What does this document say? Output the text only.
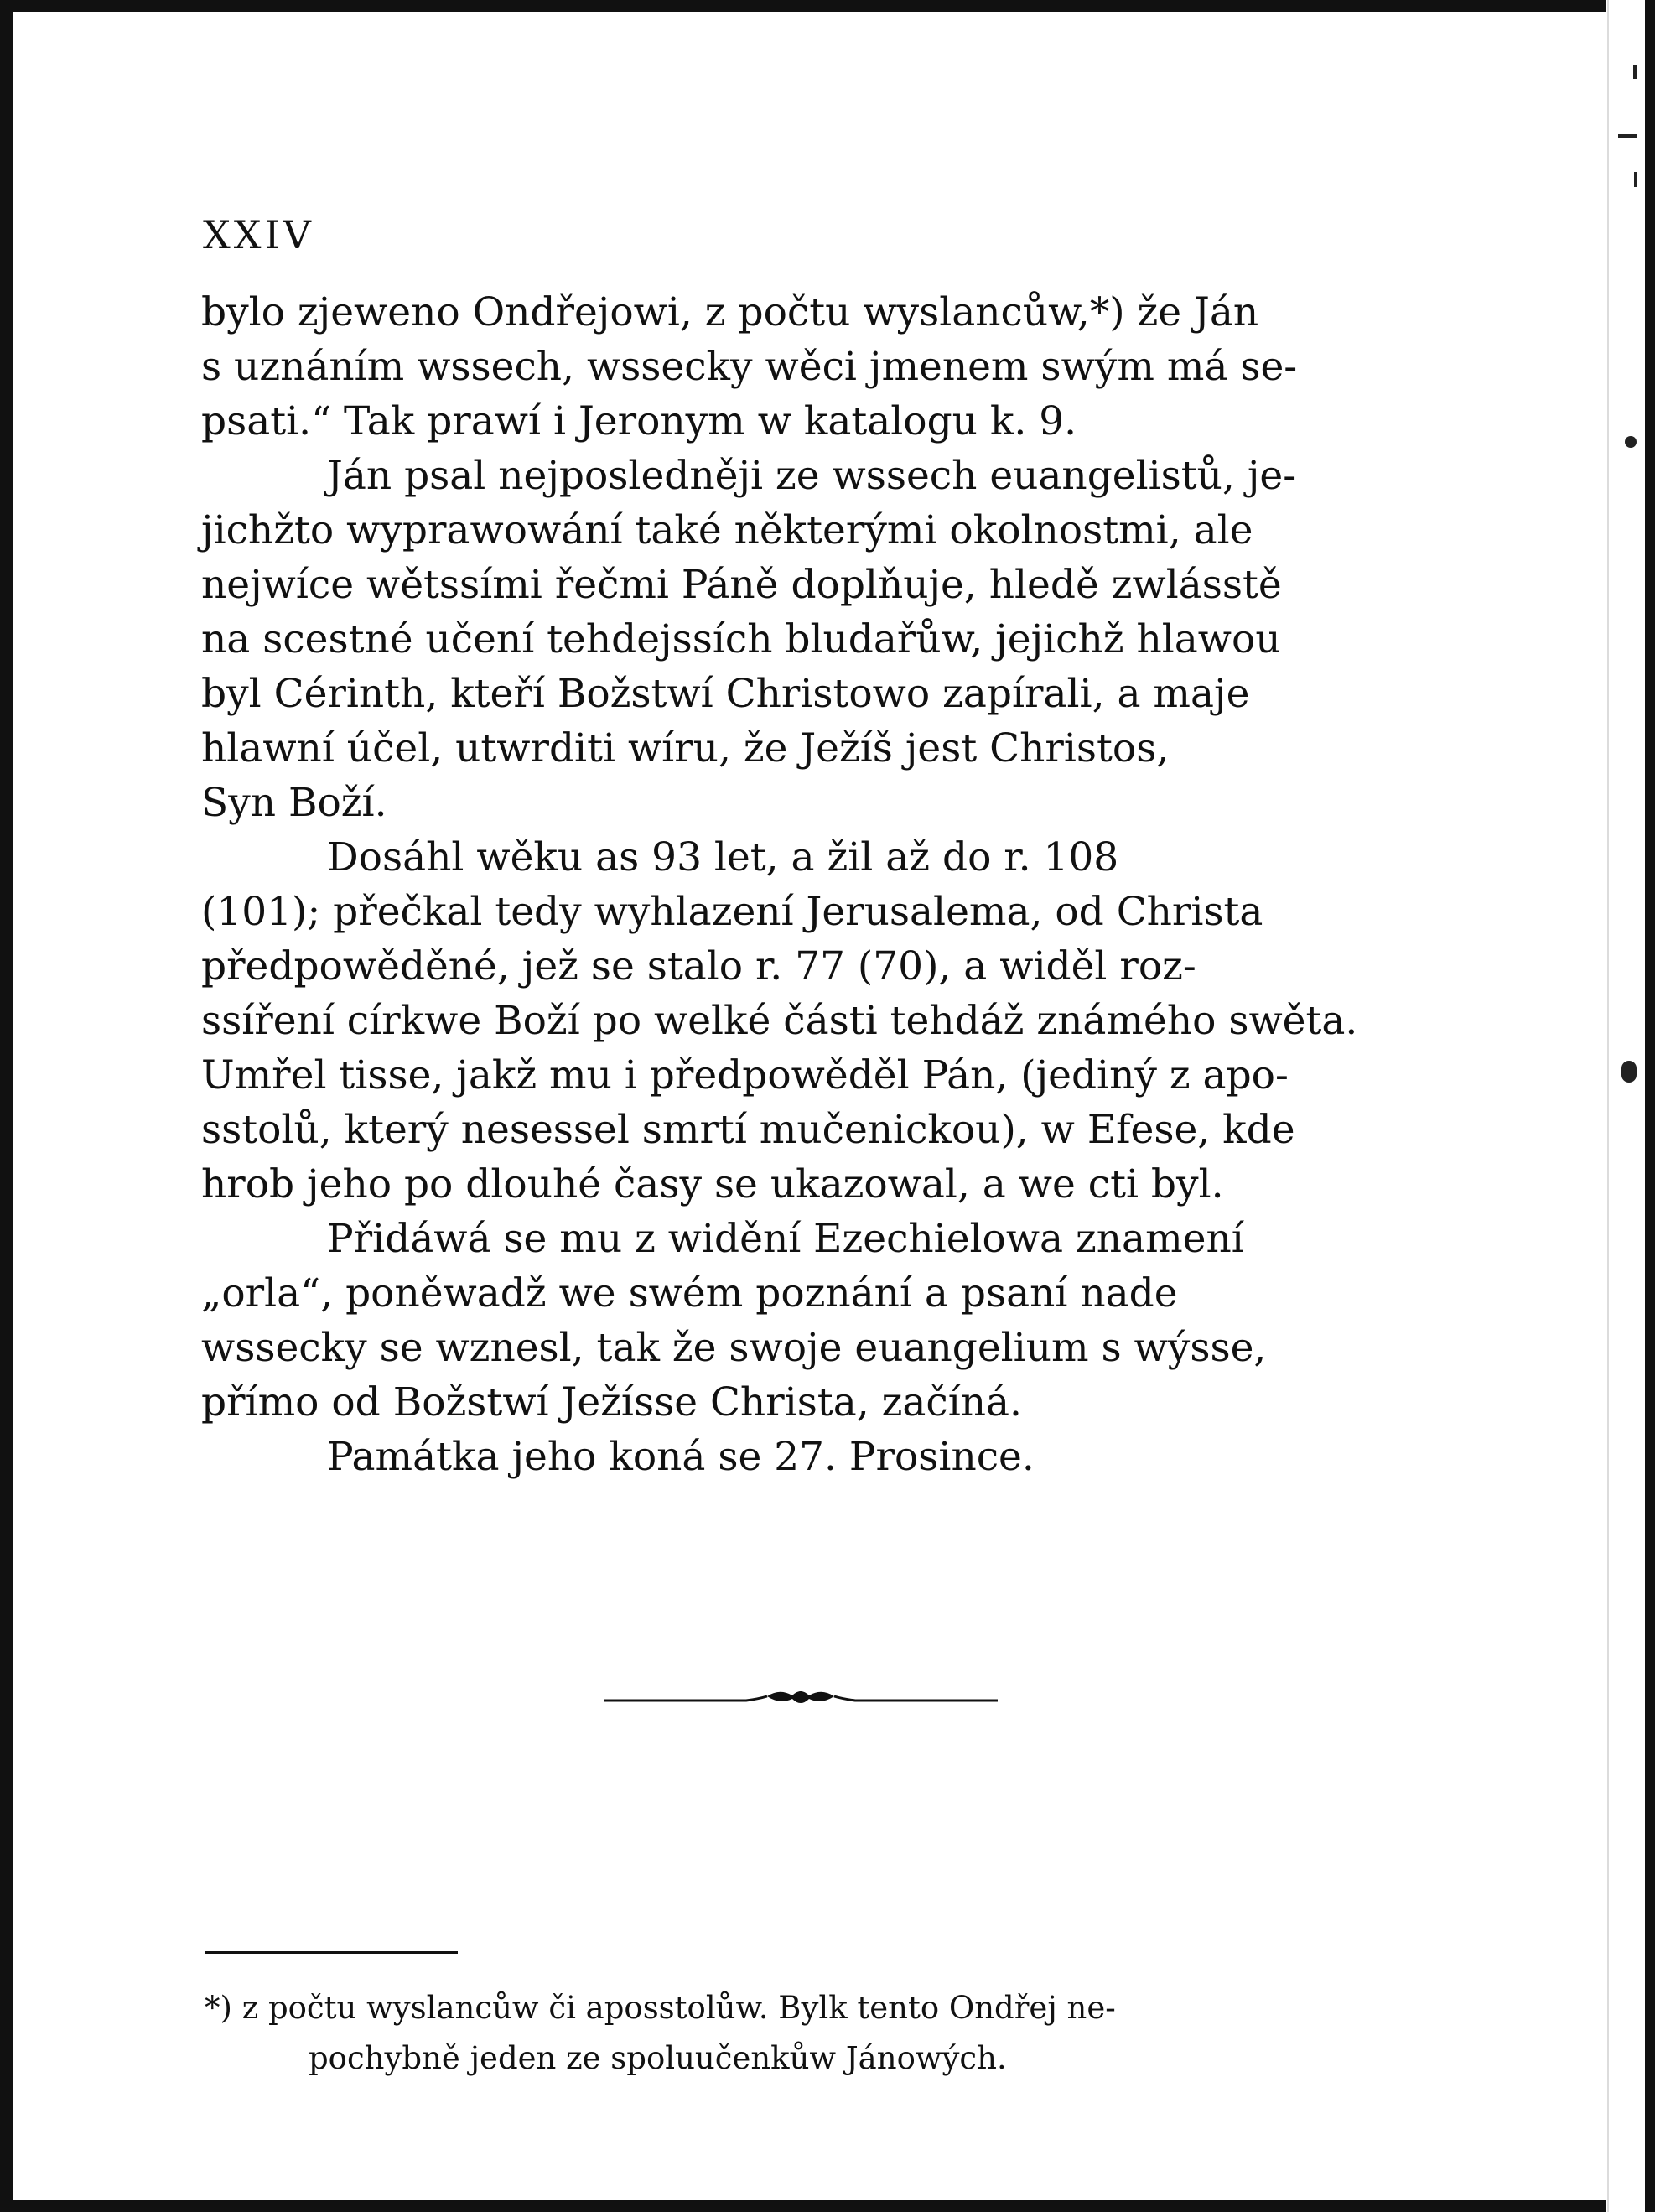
XXIV

bylo zjeweno Ondřejowi, z počtu wyslancůw,*) že Ján
s uznáním wssech, wssecky wěci jmenem swým má se-
psati.“ Tak prawí i Jeronym w katalogu k. 9.

Ján psal nejposledněji ze wssech euangelistů, je-
jichžto wyprawowání také některými okolnostmi, ale
nejwíce wětssími řečmi Páně doplňuje, hledě zwlásstě
na scestné učení tehdejssích bludařůw, jejichž hlawou
byl Cérinth, kteří Božstwí Christowo zapírali, a maje
hlawní účel, utwrditi wíru, že Ježíš jest Christos,
Syn Boží.

Dosáhl wěku as 93 let, a žil až do r. 108
(101); přečkal tedy wyhlazení Jerusalema, od Christa
předpowěděné, jež se stalo r. 77 (70), a widěl roz-
ssíření církwe Boží po welké části tehdáž známého swěta.
Umřel tisse, jakž mu i předpowěděl Pán, (jediný z apo-
sstolů, který nesessel smrtí mučenickou), w Efese, kde
hrob jeho po dlouhé časy se ukazowal, a we cti byl.

Přidáwá se mu z widění Ezechielowa znamení
„orla“, poněwadž we swém poznání a psaní nade
wssecky se wznesl, tak že swoje euangelium s wýsse,
přímo od Božstwí Ježísse Christa, začíná.

Památka jeho koná se 27. Prosince.

*) z počtu wyslancůw či aposstolůw. Bylk tento Ondřej ne-

pochybně jeden ze spoluučenkůw Jánowých.
